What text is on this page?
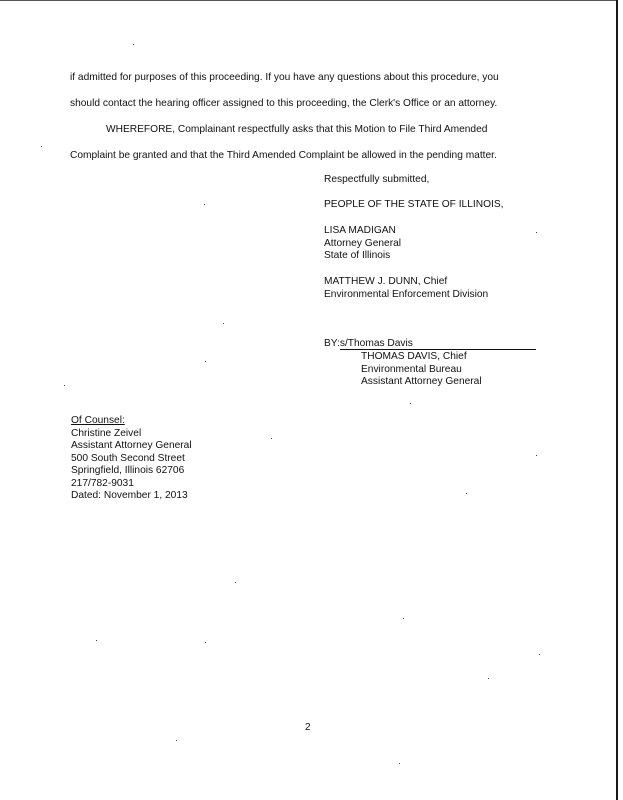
if admitted for purposes of this proceeding. If you have any questions about this procedure, you
should contact the hearing officer assigned to this proceeding, the Clerk's Office or an attorney.
WHEREFORE, Complainant respectfully asks that this Motion to File Third Amended
Complaint be granted and that the Third Amended Complaint be allowed in the pending matter.
Respectfully submitted,
PEOPLE OF THE STATE OF ILLINOIS,
LISA MADIGAN
Attorney General
State of Illinois
MATTHEW J. DUNN, Chief
Environmental Enforcement Division
BY:s/Thomas Davis
THOMAS DAVIS, Chief
Environmental Bureau
Assistant Attorney General
Of Counsel:
Christine Zeivel
Assistant Attorney General
500 South Second Street
Springfield, Illinois 62706
217/782-9031
Dated: November 1, 2013
2
